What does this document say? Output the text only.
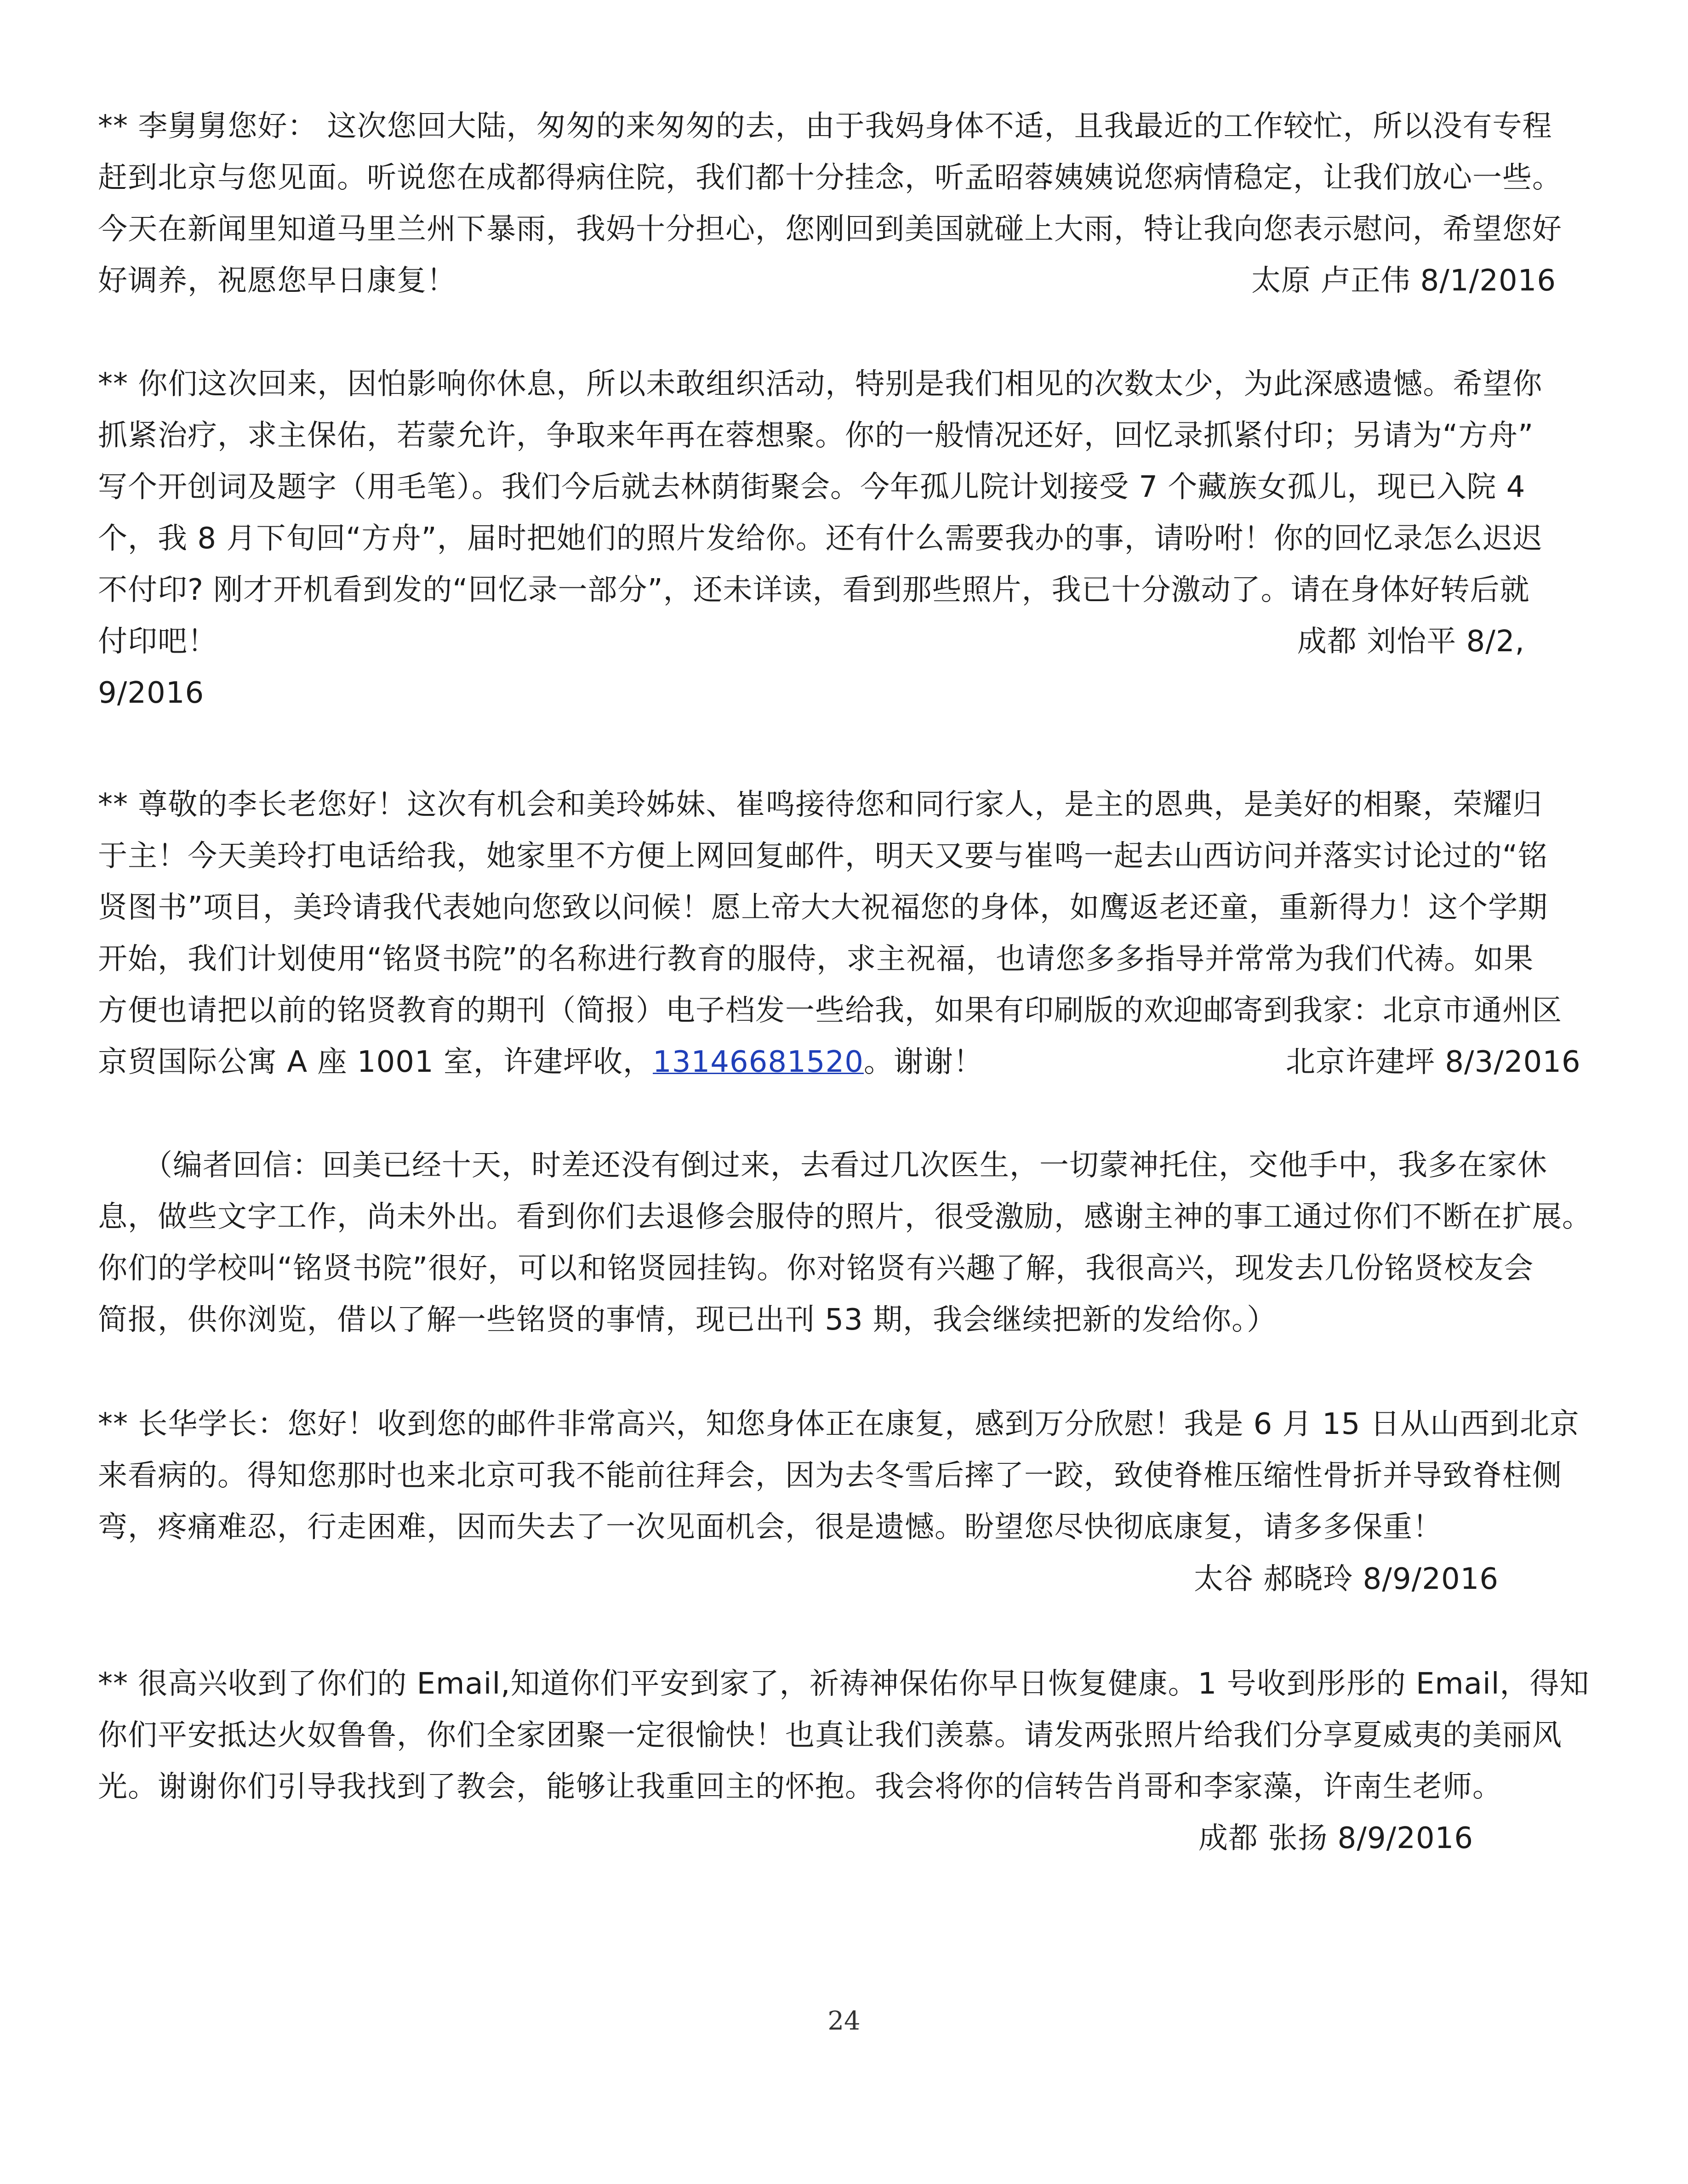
** 李舅舅您好： 这次您回大陆，匆匆的来匆匆的去，由于我妈身体不适，且我最近的工作较忙，所以没有专程
赶到北京与您见面。听说您在成都得病住院，我们都十分挂念，听孟昭蓉姨姨说您病情稳定，让我们放心一些。
今天在新闻里知道马里兰州下暴雨，我妈十分担心，您刚回到美国就碰上大雨，特让我向您表示慰问，希望您好
好调养，祝愿您早日康复！	太原 卢正伟 8/1/2016
** 你们这次回来，因怕影响你休息，所以未敢组织活动，特别是我们相见的次数太少，为此深感遗憾。希望你
抓紧治疗，求主保佑，若蒙允许，争取来年再在蓉想聚。你的一般情况还好，回忆录抓紧付印；另请为“方舟”
写个开创词及题字（用毛笔）。我们今后就去林荫街聚会。今年孤儿院计划接受 7 个藏族女孤儿，现已入院 4
个，我 8 月下旬回“方舟”，届时把她们的照片发给你。还有什么需要我办的事，请吩咐！你的回忆录怎么迟迟
不付印? 刚才开机看到发的“回忆录一部分”，还未详读，看到那些照片，我已十分激动了。请在身体好转后就
付印吧！
9/2016
成都 刘怡平 8/2,
** 尊敬的李长老您好！这次有机会和美玲姊妹、崔鸣接待您和同行家人，是主的恩典，是美好的相聚，荣耀归
于主！今天美玲打电话给我，她家里不方便上网回复邮件，明天又要与崔鸣一起去山西访问并落实讨论过的“铭
贤图书”项目，美玲请我代表她向您致以问候！愿上帝大大祝福您的身体，如鹰返老还童，重新得力！这个学期
开始，我们计划使用“铭贤书院”的名称进行教育的服侍，求主祝福，也请您多多指导并常常为我们代祷。如果
方便也请把以前的铭贤教育的期刊（简报）电子档发一些给我，如果有印刷版的欢迎邮寄到我家：北京市通州区
京贸国际公寓 A 座 1001 室，许建坪收，13146681520。谢谢！	北京许建坪 8/3/2016
　　（编者回信：回美已经十天，时差还没有倒过来，去看过几次医生，一切蒙神托住，交他手中，我多在家休
息，做些文字工作，尚未外出。看到你们去退修会服侍的照片，很受激励，感谢主神的事工通过你们不断在扩展。
你们的学校叫“铭贤书院”很好，可以和铭贤园挂钩。你对铭贤有兴趣了解，我很高兴，现发去几份铭贤校友会
简报，供你浏览，借以了解一些铭贤的事情，现已出刊 53 期，我会继续把新的发给你。）
** 长华学长：您好！收到您的邮件非常高兴，知您身体正在康复，感到万分欣慰！我是 6 月 15 日从山西到北京
来看病的。得知您那时也来北京可我不能前往拜会，因为去冬雪后摔了一跤，致使脊椎压缩性骨折并导致脊柱侧
弯，疼痛难忍，行走困难，因而失去了一次见面机会，很是遗憾。盼望您尽快彻底康复，请多多保重！
太谷 郝晓玲 8/9/2016
** 很高兴收到了你们的 Email,知道你们平安到家了，祈祷神保佑你早日恢复健康。1 号收到彤彤的 Email，得知
你们平安抵达火奴鲁鲁，你们全家团聚一定很愉快！也真让我们羡慕。请发两张照片给我们分享夏威夷的美丽风
光。谢谢你们引导我找到了教会，能够让我重回主的怀抱。我会将你的信转告肖哥和李家藻，许南生老师。
成都 张扬 8/9/2016
24
